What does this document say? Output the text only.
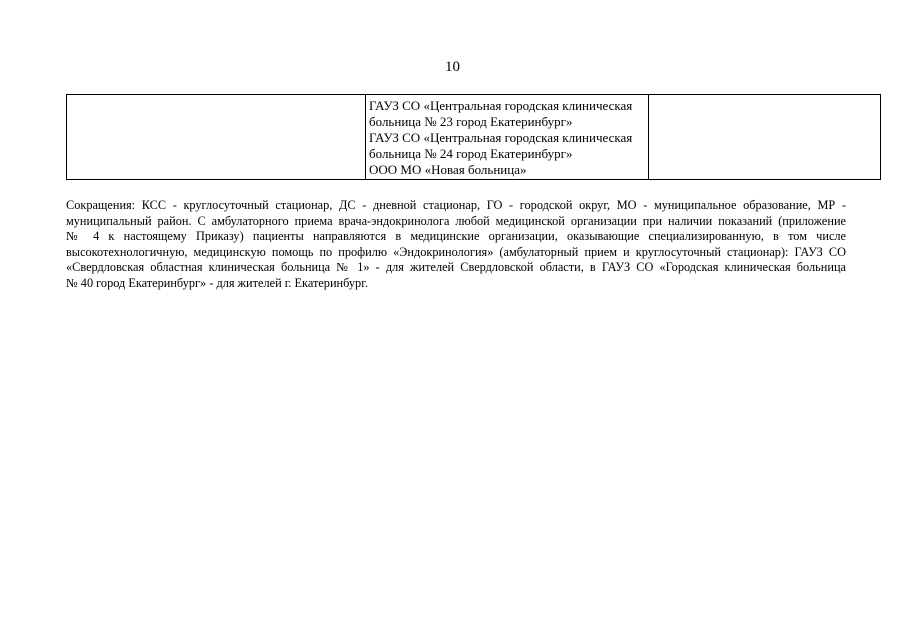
10

ГАУЗ СО «Центральная городская клиническая
больница № 23 город Екатеринбург»
ГАУЗ СО «Центральная городская клиническая
больница № 24 город Екатеринбург»
ООО МО «Новая больница»

Сокращения: КСС - круглосуточный стационар, ДС - дневной стационар, ГО - городской округ, МО - муниципальное образование, МР -
муниципальный район. С амбулаторного приема врача-эндокринолога любой медицинской организации при наличии показаний (приложение
№ 4 к настоящему Приказу) пациенты направляются в медицинские организации, оказывающие специализированную, в том числе
высокотехнологичную, медицинскую помощь по профилю «Эндокринология» (амбулаторный прием и круглосуточный стационар): ГАУЗ СО
«Свердловская областная клиническая больница № 1» - для жителей Свердловской области, в ГАУЗ СО «Городская клиническая больница
№ 40 город Екатеринбург» - для жителей г. Екатеринбург.
